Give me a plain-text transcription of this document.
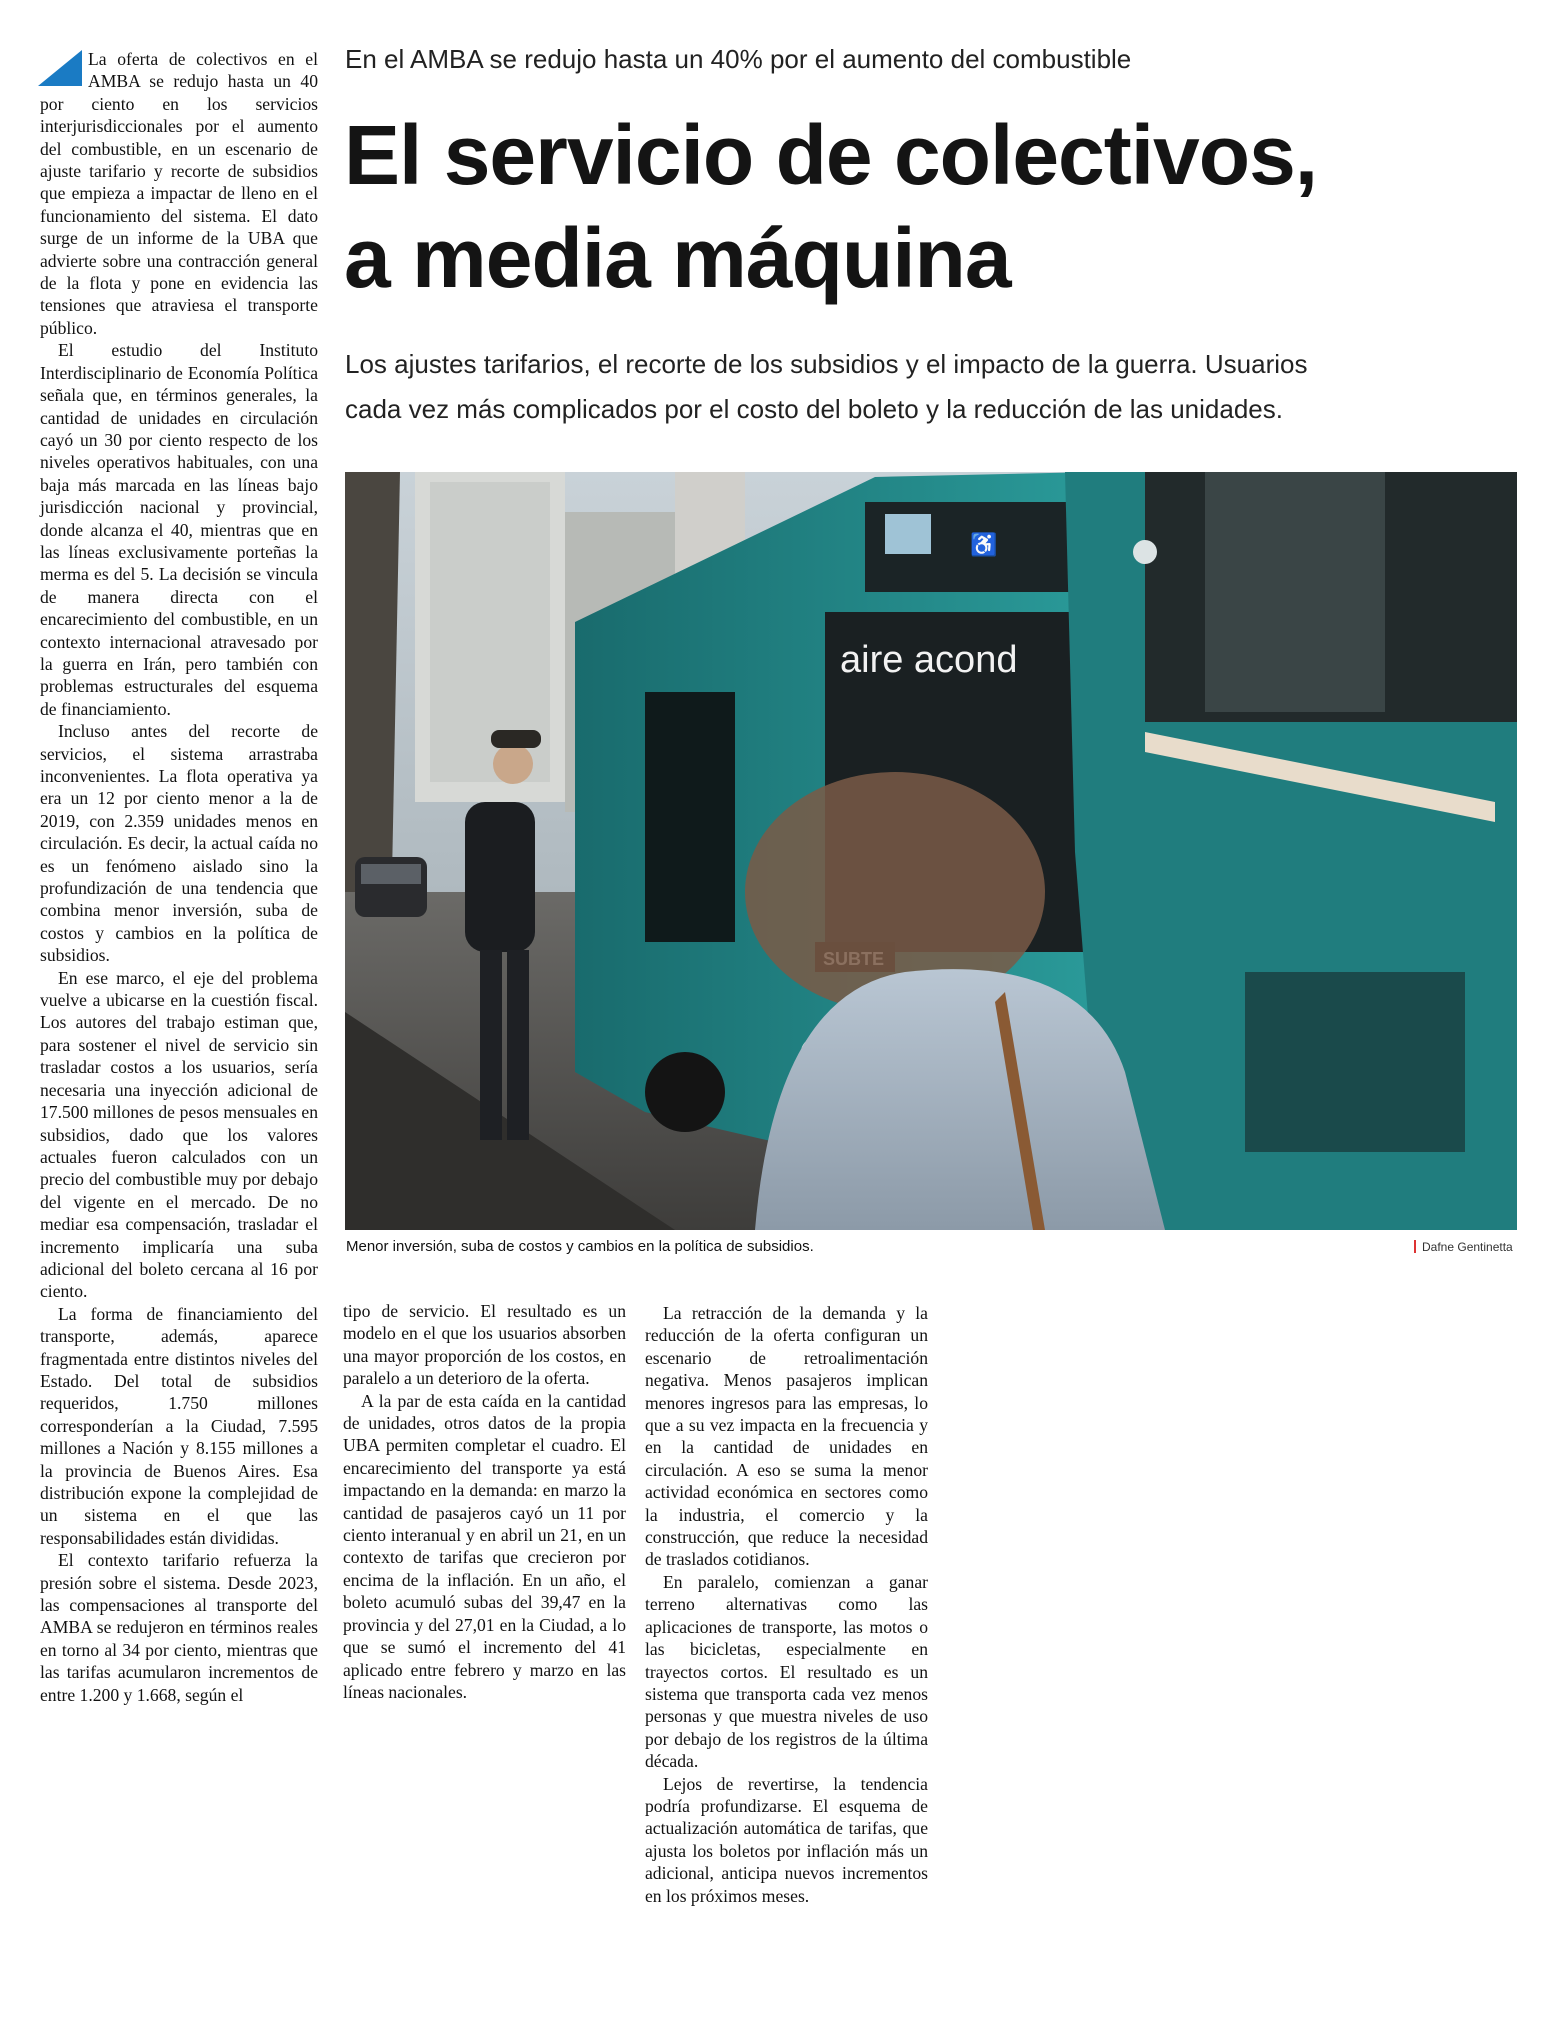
En el AMBA se redujo hasta un 40% por el aumento del combustible
El servicio de colectivos,
a media máquina
Los ajustes tarifarios, el recorte de los subsidios y el impacto de la guerra. Usuarios
cada vez más complicados por el costo del boleto y la reducción de las unidades.

La oferta de colectivos en el AMBA se redujo hasta un 40 por ciento en los servicios interjurisdiccionales por el aumento del combustible, en un escenario de ajuste tarifario y recorte de subsidios que empieza a impactar de lleno en el funcionamiento del sistema. El dato surge de un informe de la UBA que advierte sobre una contracción general de la flota y pone en evidencia las tensiones que atraviesa el transporte público.

El estudio del Instituto Interdisciplinario de Economía Política señala que, en términos generales, la cantidad de unidades en circulación cayó un 30 por ciento respecto de los niveles operativos habituales, con una baja más marcada en las líneas bajo jurisdicción nacional y provincial, donde alcanza el 40, mientras que en las líneas exclusivamente porteñas la merma es del 5. La decisión se vincula de manera directa con el encarecimiento del combustible, en un contexto internacional atravesado por la guerra en Irán, pero también con problemas estructurales del esquema de financiamiento.

Incluso antes del recorte de servicios, el sistema arrastraba inconvenientes. La flota operativa ya era un 12 por ciento menor a la de 2019, con 2.359 unidades menos en circulación. Es decir, la actual caída no es un fenómeno aislado sino la profundización de una tendencia que combina menor inversión, suba de costos y cambios en la política de subsidios.

En ese marco, el eje del problema vuelve a ubicarse en la cuestión fiscal. Los autores del trabajo estiman que, para sostener el nivel de servicio sin trasladar costos a los usuarios, sería necesaria una inyección adicional de 17.500 millones de pesos mensuales en subsidios, dado que los valores actuales fueron calculados con un precio del combustible muy por debajo del vigente en el mercado. De no mediar esa compensación, trasladar el incremento implicaría una suba adicional del boleto cercana al 16 por ciento.

La forma de financiamiento del transporte, además, aparece fragmentada entre distintos niveles del Estado. Del total de subsidios requeridos, 1.750 millones corresponderían a la Ciudad, 7.595 millones a Nación y 8.155 millones a la provincia de Buenos Aires. Esa distribución expone la complejidad de un sistema en el que las responsabilidades están divididas.

El contexto tarifario refuerza la presión sobre el sistema. Desde 2023, las compensaciones al transporte del AMBA se redujeron en términos reales en torno al 34 por ciento, mientras que las tarifas acumularon incrementos de entre 1.200 y 1.668, según el

♿
aire acond
Menor inversión, suba de costos y cambios en la política de subsidios.	Dafne Gentinetta

tipo de servicio. El resultado es un modelo en el que los usuarios absorben una mayor proporción de los costos, en paralelo a un deterioro de la oferta.

A la par de esta caída en la cantidad de unidades, otros datos de la propia UBA permiten completar el cuadro. El encarecimiento del transporte ya está impactando en la demanda: en marzo la cantidad de pasajeros cayó un 11 por ciento interanual y en abril un 21, en un contexto de tarifas que crecieron por encima de la inflación. En un año, el boleto acumuló subas del 39,47 en la provincia y del 27,01 en la Ciudad, a lo que se sumó el incremento del 41 aplicado entre febrero y marzo en las líneas nacionales.

La retracción de la demanda y la reducción de la oferta configuran un escenario de retroalimentación negativa. Menos pasajeros implican menores ingresos para las empresas, lo que a su vez impacta en la frecuencia y en la cantidad de unidades en circulación. A eso se suma la menor actividad económica en sectores como la industria, el comercio y la construcción, que reduce la necesidad de traslados cotidianos.

En paralelo, comienzan a ganar terreno alternativas como las aplicaciones de transporte, las motos o las bicicletas, especialmente en trayectos cortos. El resultado es un sistema que transporta cada vez menos personas y que muestra niveles de uso por debajo de los registros de la última década.

Lejos de revertirse, la tendencia podría profundizarse. El esquema de actualización automática de tarifas, que ajusta los boletos por inflación más un adicional, anticipa nuevos incrementos en los próximos meses.
